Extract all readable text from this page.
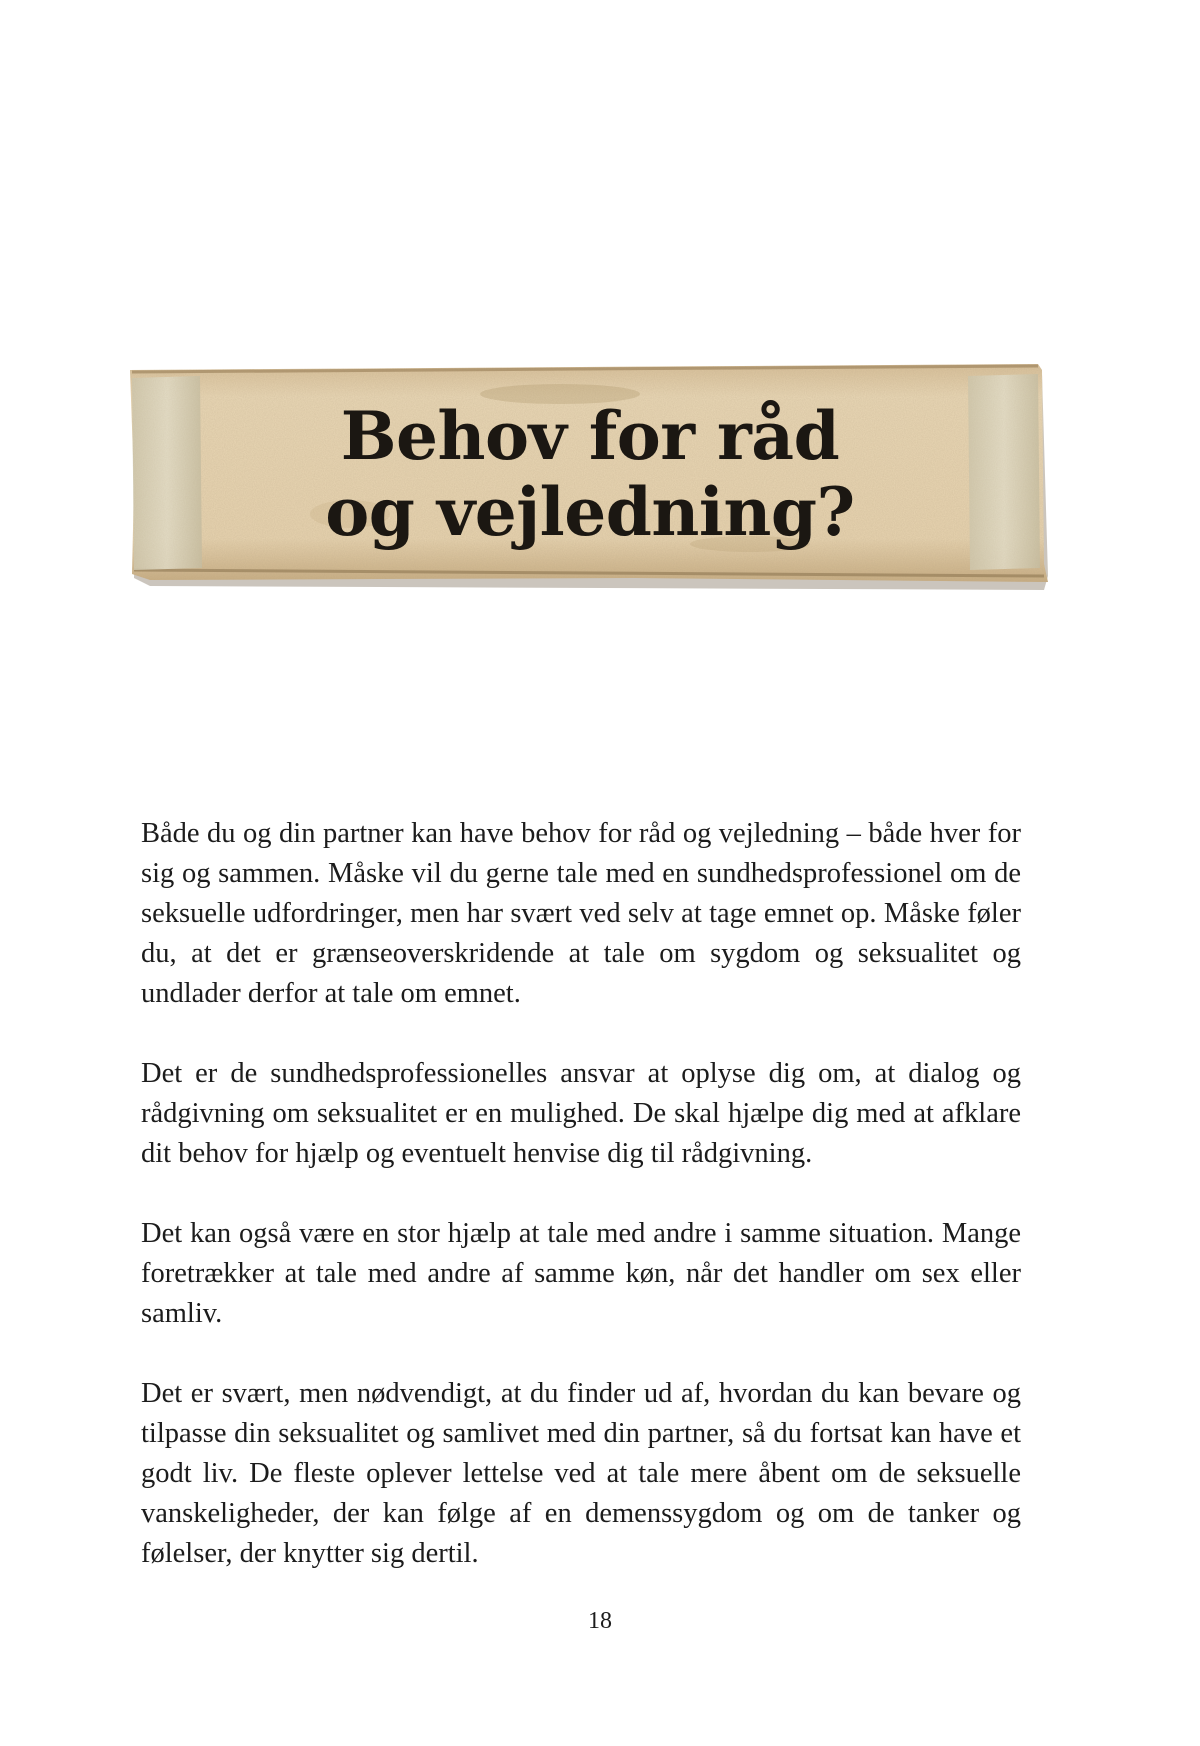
Behov for råd
og vejledning?

Både du og din partner kan have behov for råd og vejledning – både hver for sig og sammen. Måske vil du gerne tale med en sundhedsprofessionel om de seksuelle udfordringer, men har svært ved selv at tage emnet op. Måske føler du, at det er grænseoverskridende at tale om sygdom og seksualitet og undlader derfor at tale om emnet.

Det er de sundhedsprofessionelles ansvar at oplyse dig om, at dialog og rådgivning om seksualitet er en mulighed. De skal hjælpe dig med at afklare dit behov for hjælp og eventuelt henvise dig til rådgivning.

Det kan også være en stor hjælp at tale med andre i samme situation. Mange foretrækker at tale med andre af samme køn, når det handler om sex eller samliv.

Det er svært, men nødvendigt, at du finder ud af, hvordan du kan bevare og tilpasse din seksualitet og samlivet med din partner, så du fortsat kan have et godt liv. De fleste oplever lettelse ved at tale mere åbent om de seksuelle vanskeligheder, der kan følge af en demenssygdom og om de tanker og følelser, der knytter sig dertil.

18
